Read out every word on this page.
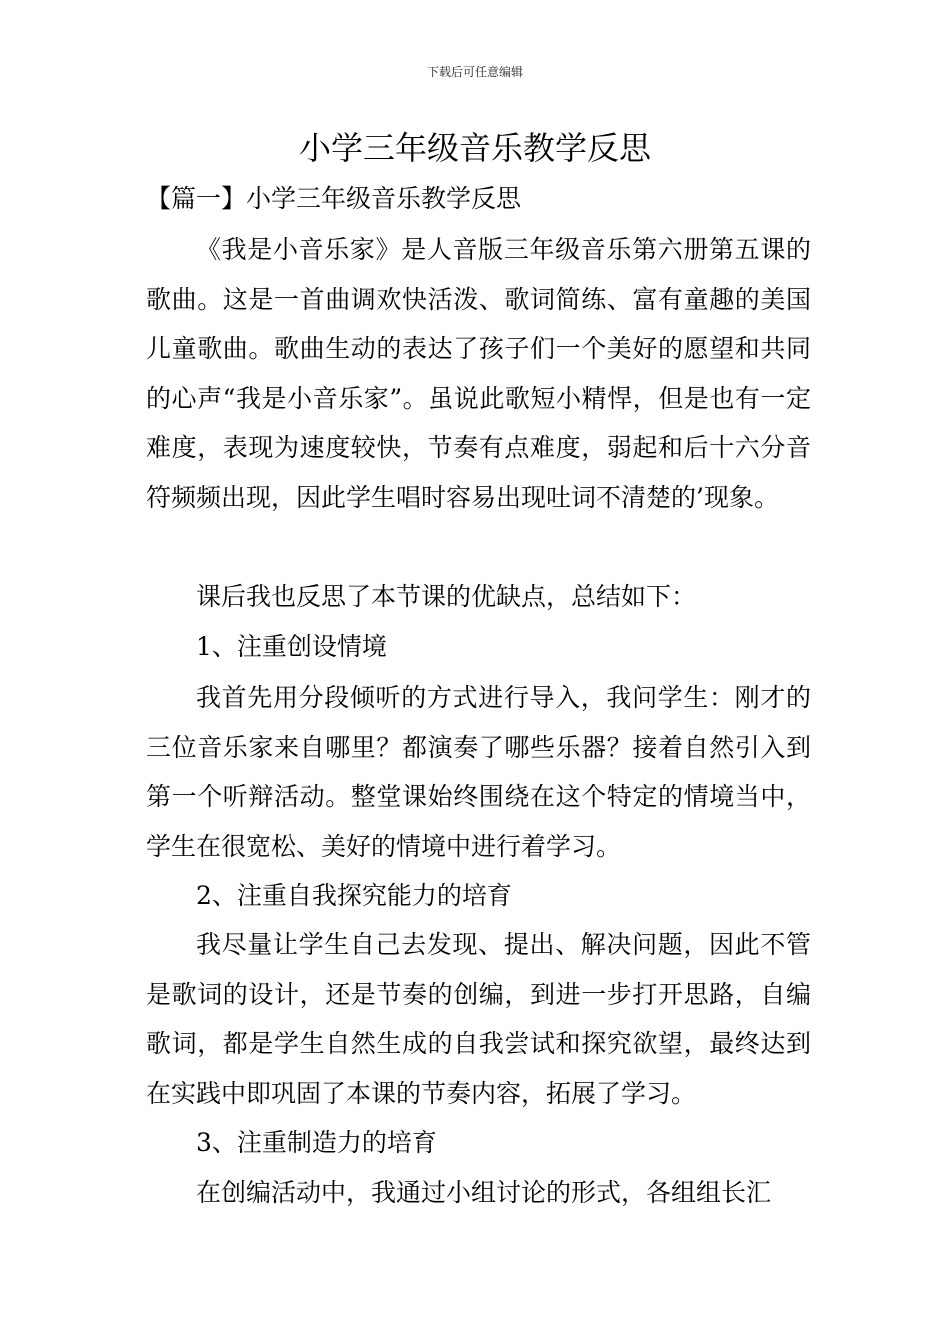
下载后可任意编辑
小学三年级音乐教学反思

【篇一】小学三年级音乐教学反思

《我是小音乐家》是人音版三年级音乐第六册第五课的歌曲。这是一首曲调欢快活泼、歌词简练、富有童趣的美国儿童歌曲。歌曲生动的表达了孩子们一个美好的愿望和共同的心声“我是小音乐家”。虽说此歌短小精悍，但是也有一定难度，表现为速度较快，节奏有点难度，弱起和后十六分音符频频出现，因此学生唱时容易出现吐词不清楚的’现象。

课后我也反思了本节课的优缺点，总结如下：

1、注重创设情境

我首先用分段倾听的方式进行导入，我问学生：刚才的三位音乐家来自哪里？都演奏了哪些乐器？接着自然引入到第一个听辩活动。整堂课始终围绕在这个特定的情境当中，学生在很宽松、美好的情境中进行着学习。

2、注重自我探究能力的培育

我尽量让学生自己去发现、提出、解决问题，因此不管是歌词的设计，还是节奏的创编，到进一步打开思路，自编歌词，都是学生自然生成的自我尝试和探究欲望，最终达到在实践中即巩固了本课的节奏内容，拓展了学习。

3、注重制造力的培育

在创编活动中，我通过小组讨论的形式，各组组长汇
